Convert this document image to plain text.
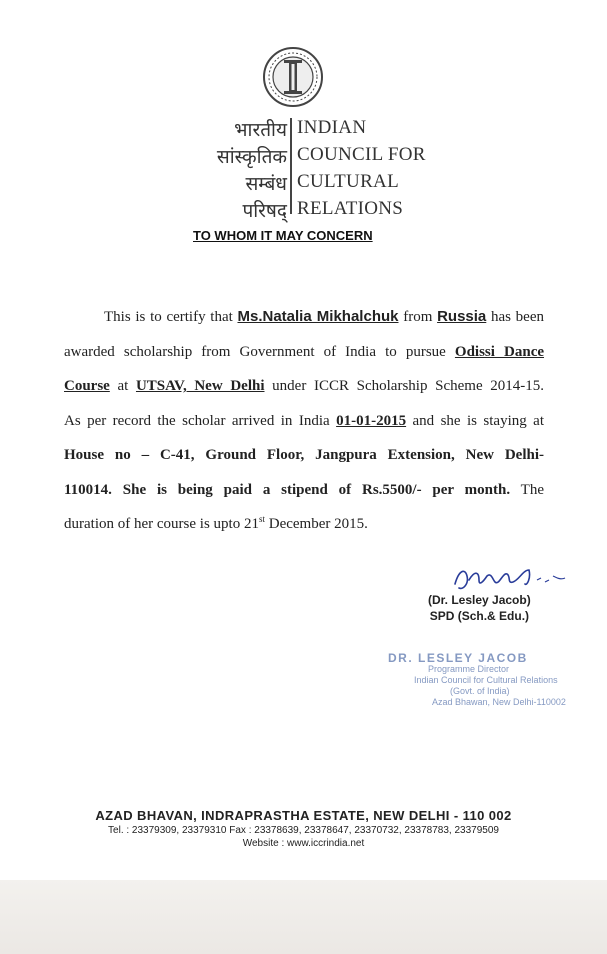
भारतीय
सांस्कृतिक
सम्बंध
परिषद्
INDIAN
COUNCIL FOR
CULTURAL
RELATIONS
TO WHOM IT MAY CONCERN
This is to certify that Ms.Natalia Mikhalchuk from Russia has been
awarded scholarship from Government of India to pursue Odissi Dance
Course at UTSAV, New Delhi under ICCR Scholarship Scheme 2014-15.
As per record the scholar arrived in India 01-01-2015 and she is staying at
House no – C-41, Ground Floor, Jangpura Extension, New Delhi-
110014. She is being paid a stipend of Rs.5500/- per month. The
duration of her course is upto 21st December 2015.
(Dr. Lesley Jacob)
SPD (Sch.& Edu.)
DR. LESLEY JACOB
Programme Director
Indian Council for Cultural Relations
(Govt. of India)
Azad Bhawan, New Delhi-110002
AZAD BHAVAN, INDRAPRASTHA ESTATE, NEW DELHI - 110 002
Tel. : 23379309, 23379310 Fax : 23378639, 23378647, 23370732, 23378783, 23379509
Website : www.iccrindia.net
